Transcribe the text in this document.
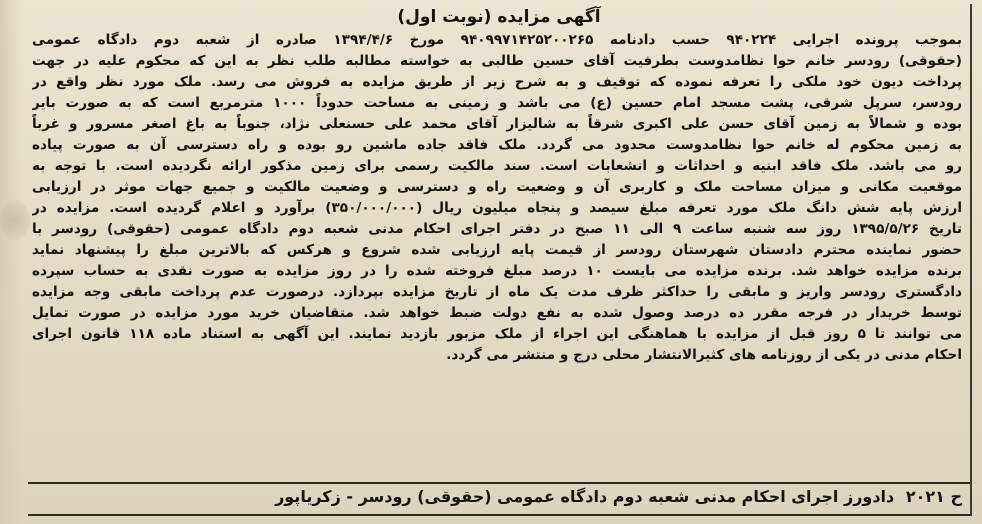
آگهی مزایده (نوبت اول)
بموجب پرونده اجرایی ۹۴۰۲۲۴ حسب دادنامه ۹۴۰۹۹۷۱۴۲۵۲۰۰۲۶۵ مورخ ۱۳۹۴/۴/۶ صادره از شعبه دوم دادگاه عمومی
(حقوقی) رودسر خانم حوا نظامدوست بطرفیت آقای حسین طالبی به خواسته مطالبه طلب نظر به این که محکوم علیه در جهت
پرداخت دیون خود ملکی را تعرفه نموده که توقیف و به شرح زیر از طریق مزایده به فروش می رسد. ملک مورد نظر واقع در
رودسر، سرپل شرقی، پشت مسجد امام حسین (ع) می باشد و زمینی به مساحت حدوداً ۱۰۰۰ مترمربع است که به صورت بایر
بوده و شمالاً به زمین آقای حسن علی اکبری شرقاً به شالیزار آقای محمد علی حسنعلی نژاد، جنوباً به باغ اصغر مسرور و غرباً
به زمین محکوم له خانم حوا نظامدوست محدود می گردد. ملک فاقد جاده ماشین رو بوده و راه دسترسی آن به صورت پیاده
رو می باشد. ملک فاقد ابنیه و احداثات و انشعابات است. سند مالکیت رسمی برای زمین مذکور ارائه نگردیده است. با توجه به
موقعیت مکانی و میزان مساحت ملک و کاربری آن و وضعیت راه و دسترسی و وضعیت مالکیت و جمیع جهات موثر در ارزیابی
ارزش پایه شش دانگ ملک مورد تعرفه مبلغ سیصد و پنجاه میلیون ریال (۳۵۰/۰۰۰/۰۰۰) برآورد و اعلام گردیده است. مزایده در
تاریخ ۱۳۹۵/۵/۲۶ روز سه شنبه ساعت ۹ الی ۱۱ صبح در دفتر اجرای احکام مدنی شعبه دوم دادگاه عمومی (حقوقی) رودسر با
حضور نماینده محترم دادستان شهرستان رودسر از قیمت پایه ارزیابی شده شروع و هرکس که بالاترین مبلغ را پیشنهاد نماید
برنده مزایده خواهد شد. برنده مزایده می بایست ۱۰ درصد مبلغ فروخته شده را در روز مزایده به صورت نقدی به حساب سپرده
دادگستری رودسر واریز و مابقی را حداکثر ظرف مدت یک ماه از تاریخ مزایده بپردازد. درصورت عدم پرداخت مابقی وجه مزایده
توسط خریدار در فرجه مقرر ده درصد وصول شده به نفع دولت ضبط خواهد شد. متقاضیان خرید مورد مزایده در صورت تمایل
می توانند تا ۵ روز قبل از مزایده با هماهنگی این اجراء از ملک مزبور بازدید نمایند. این آگهی به استناد ماده ۱۱۸ قانون اجرای
احکام مدنی در یکی از روزنامه های کثیرالانتشار محلی درج و منتشر می گردد.
ح ۲۰۲۱ دادورز اجرای احکام مدنی شعبه دوم دادگاه عمومی (حقوقی) رودسر - زکریاپور
